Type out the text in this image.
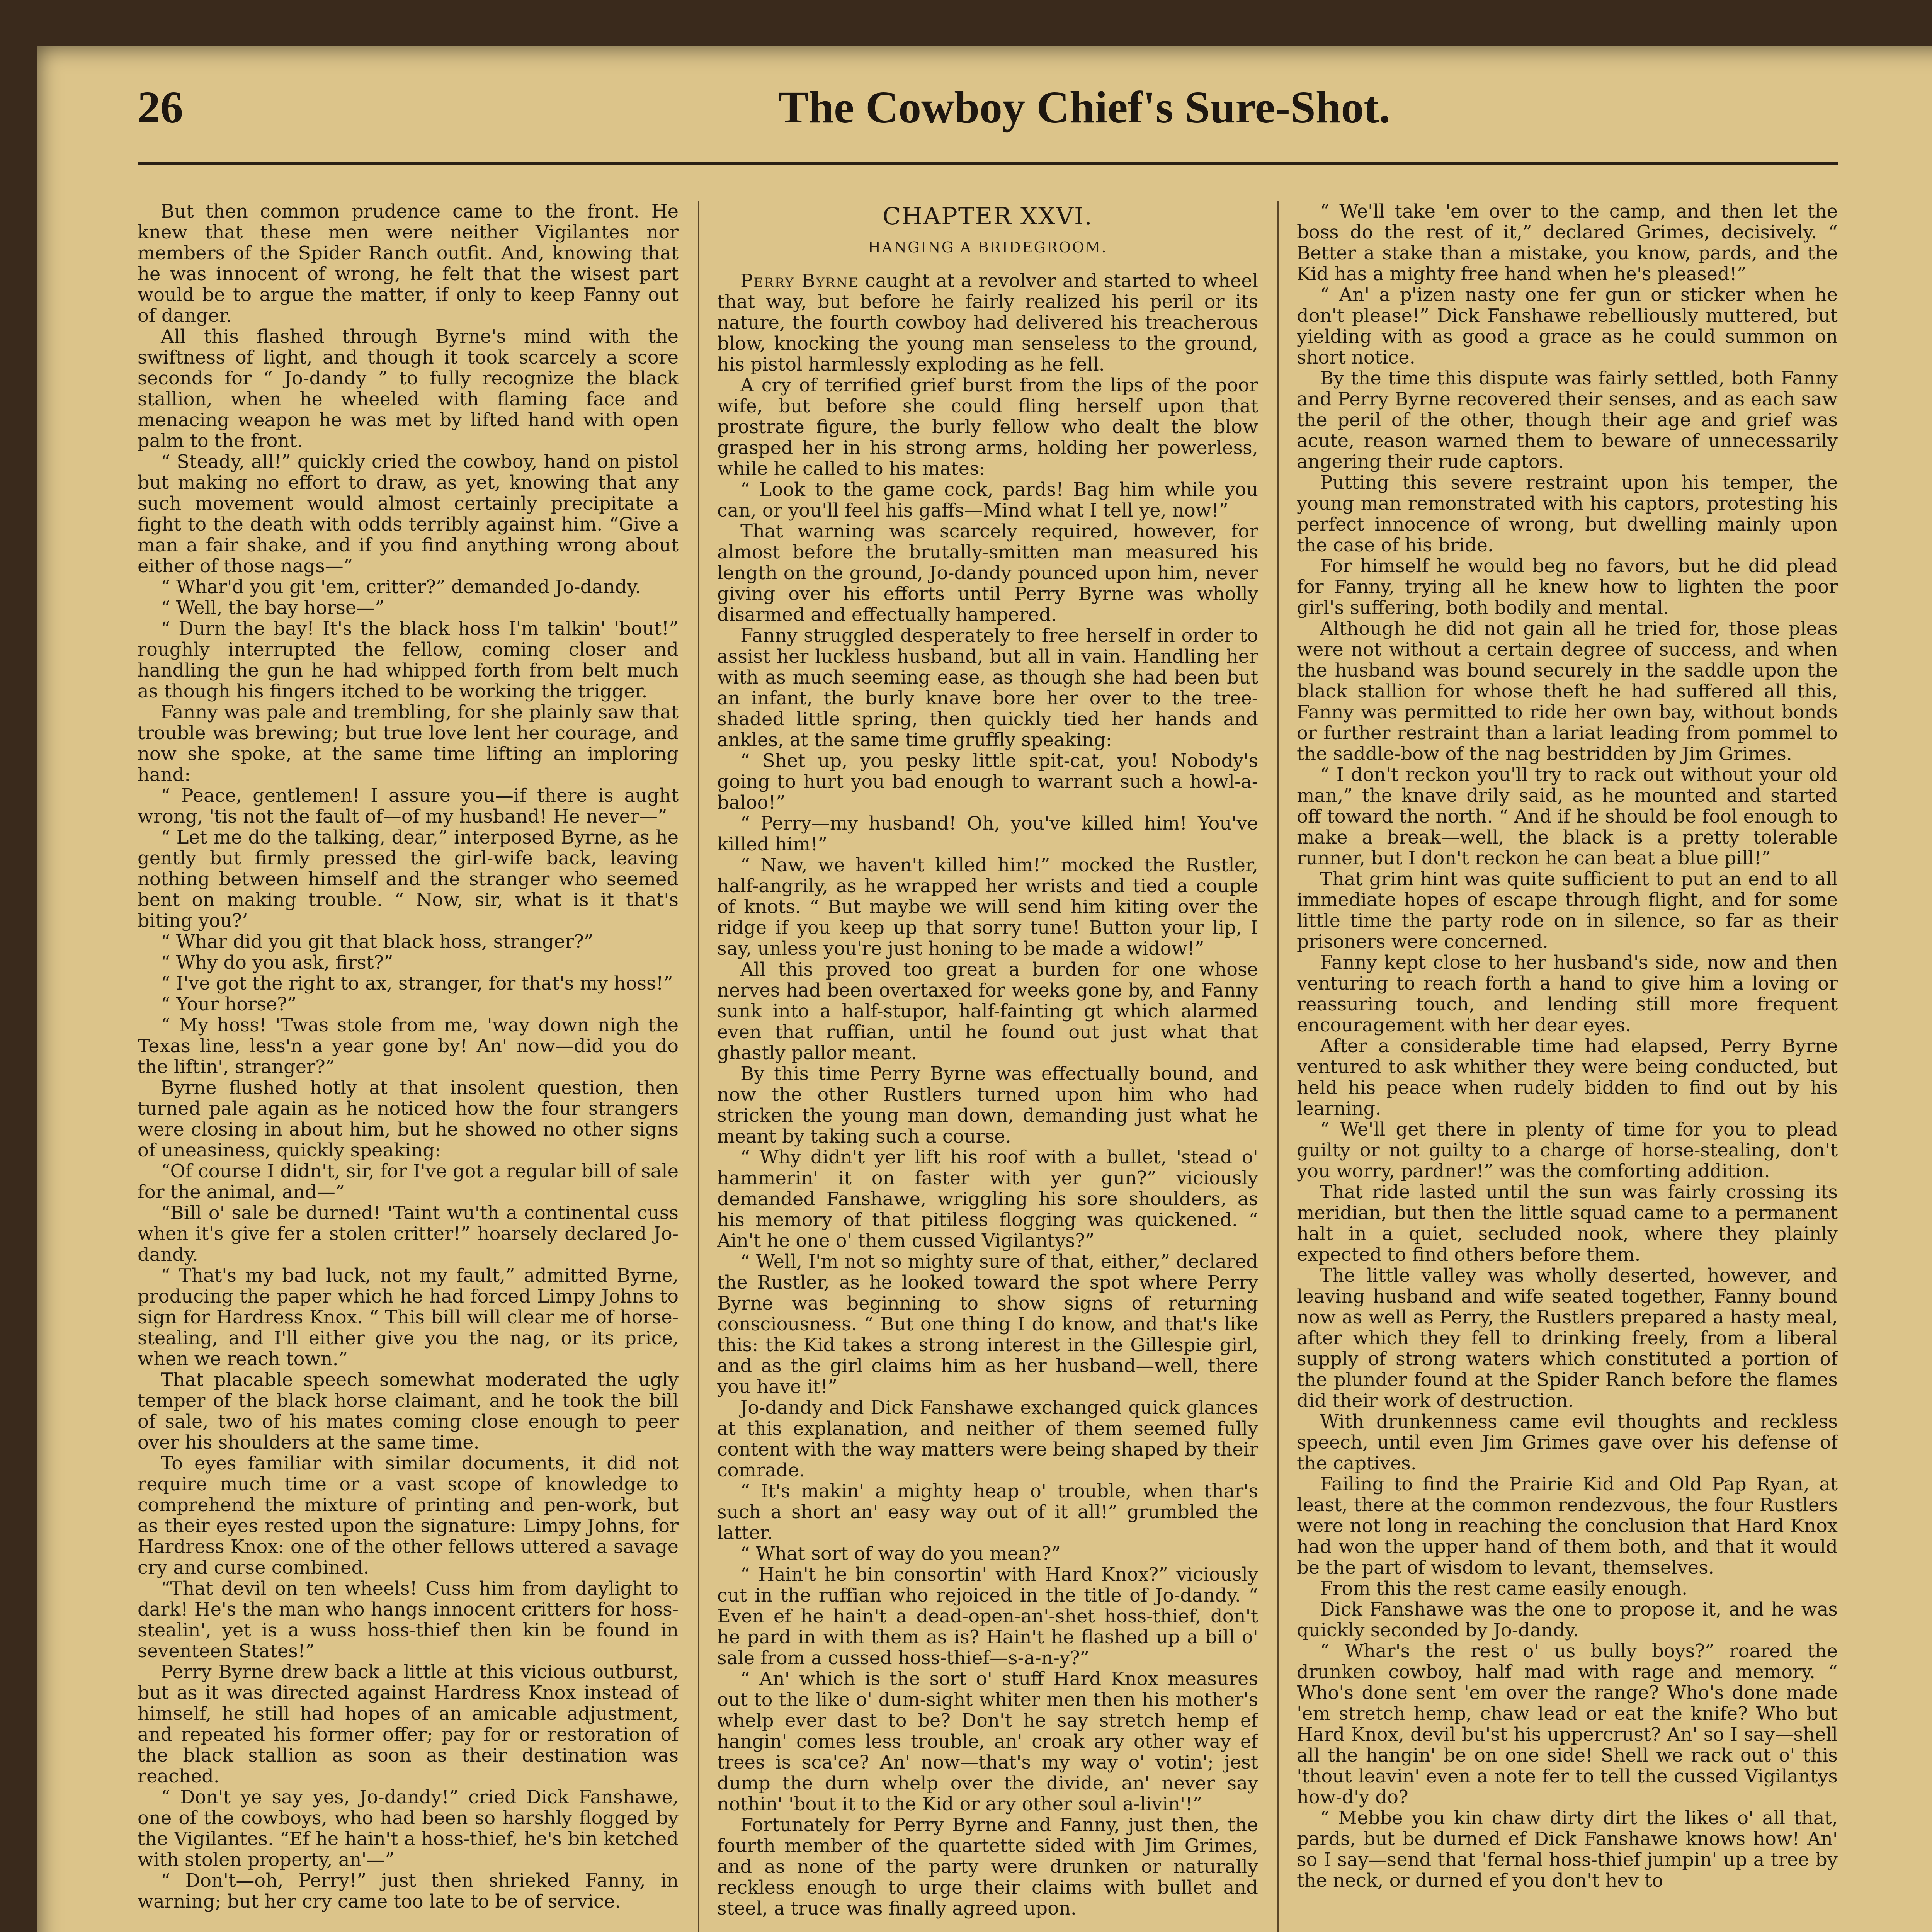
26	The Cowboy Chief's Sure-Shot.

But then common prudence came to the front. He knew that these men were neither Vigilantes nor members of the Spider Ranch outfit. And, knowing that he was innocent of wrong, he felt that the wisest part would be to argue the matter, if only to keep Fanny out of danger.

All this flashed through Byrne's mind with the swiftness of light, and though it took scarcely a score seconds for “ Jo-dandy ” to fully recognize the black stallion, when he wheeled with flaming face and menacing weapon he was met by lifted hand with open palm to the front.

“ Steady, all!” quickly cried the cowboy, hand on pistol but making no effort to draw, as yet, knowing that any such movement would almost certainly precipitate a fight to the death with odds terribly against him. “Give a man a fair shake, and if you find anything wrong about either of those nags—”

“ Whar'd you git 'em, critter?” demanded Jo-dandy.

“ Well, the bay horse—”

“ Durn the bay! It's the black hoss I'm talkin' 'bout!” roughly interrupted the fellow, coming closer and handling the gun he had whipped forth from belt much as though his fingers itched to be working the trigger.

Fanny was pale and trembling, for she plainly saw that trouble was brewing; but true love lent her courage, and now she spoke, at the same time lifting an imploring hand:

“ Peace, gentlemen! I assure you—if there is aught wrong, 'tis not the fault of—of my husband! He never—”

“ Let me do the talking, dear,” interposed Byrne, as he gently but firmly pressed the girl-wife back, leaving nothing between himself and the stranger who seemed bent on making trouble. “ Now, sir, what is it that's biting you?’

“ Whar did you git that black hoss, stranger?”

“ Why do you ask, first?”

“ I've got the right to ax, stranger, for that's my hoss!”

“ Your horse?”

“ My hoss! 'Twas stole from me, 'way down nigh the Texas line, less'n a year gone by! An' now—did you do the liftin', stranger?”

Byrne flushed hotly at that insolent question, then turned pale again as he noticed how the four strangers were closing in about him, but he showed no other signs of uneasiness, quickly speaking:

“Of course I didn't, sir, for I've got a regular bill of sale for the animal, and—”

“Bill o' sale be durned! 'Taint wu'th a continental cuss when it's give fer a stolen critter!” hoarsely declared Jo-dandy.

“ That's my bad luck, not my fault,” admitted Byrne, producing the paper which he had forced Limpy Johns to sign for Hardress Knox. “ This bill will clear me of horse-stealing, and I'll either give you the nag, or its price, when we reach town.”

That placable speech somewhat moderated the ugly temper of the black horse claimant, and he took the bill of sale, two of his mates coming close enough to peer over his shoulders at the same time.

To eyes familiar with similar documents, it did not require much time or a vast scope of knowledge to comprehend the mixture of printing and pen-work, but as their eyes rested upon the signature: Limpy Johns, for Hardress Knox: one of the other fellows uttered a savage cry and curse combined.

“That devil on ten wheels! Cuss him from daylight to dark! He's the man who hangs innocent critters for hoss-stealin', yet is a wuss hoss-thief then kin be found in seventeen States!”

Perry Byrne drew back a little at this vicious outburst, but as it was directed against Hardress Knox instead of himself, he still had hopes of an amicable adjustment, and repeated his former offer; pay for or restoration of the black stallion as soon as their destination was reached.

“ Don't ye say yes, Jo-dandy!” cried Dick Fanshawe, one of the cowboys, who had been so harshly flogged by the Vigilantes. “Ef he hain't a hoss-thief, he's bin ketched with stolen property, an'—”

“ Don't—oh, Perry!” just then shrieked Fanny, in warning; but her cry came too late to be of service.

CHAPTER XXVI.
HANGING A BRIDEGROOM.

Perry Byrne caught at a revolver and started to wheel that way, but before he fairly realized his peril or its nature, the fourth cowboy had delivered his treacherous blow, knocking the young man senseless to the ground, his pistol harmlessly exploding as he fell.

A cry of terrified grief burst from the lips of the poor wife, but before she could fling herself upon that prostrate figure, the burly fellow who dealt the blow grasped her in his strong arms, holding her powerless, while he called to his mates:

“ Look to the game cock, pards! Bag him while you can, or you'll feel his gaffs—Mind what I tell ye, now!”

That warning was scarcely required, however, for almost before the brutally-smitten man measured his length on the ground, Jo-dandy pounced upon him, never giving over his efforts until Perry Byrne was wholly disarmed and effectually hampered.

Fanny struggled desperately to free herself in order to assist her luckless husband, but all in vain. Handling her with as much seeming ease, as though she had been but an infant, the burly knave bore her over to the tree-shaded little spring, then quickly tied her hands and ankles, at the same time gruffly speaking:

“ Shet up, you pesky little spit-cat, you! Nobody's going to hurt you bad enough to warrant such a howl-a-baloo!”

“ Perry—my husband! Oh, you've killed him! You've killed him!”

“ Naw, we haven't killed him!” mocked the Rustler, half-angrily, as he wrapped her wrists and tied a couple of knots. “ But maybe we will send him kiting over the ridge if you keep up that sorry tune! Button your lip, I say, unless you're just honing to be made a widow!”

All this proved too great a burden for one whose nerves had been overtaxed for weeks gone by, and Fanny sunk into a half-stupor, half-fainting gt which alarmed even that ruffian, until he found out just what that ghastly pallor meant.

By this time Perry Byrne was effectually bound, and now the other Rustlers turned upon him who had stricken the young man down, demanding just what he meant by taking such a course.

“ Why didn't yer lift his roof with a bullet, 'stead o' hammerin' it on faster with yer gun?” viciously demanded Fanshawe, wriggling his sore shoulders, as his memory of that pitiless flogging was quickened. “ Ain't he one o' them cussed Vigilantys?”

“ Well, I'm not so mighty sure of that, either,” declared the Rustler, as he looked toward the spot where Perry Byrne was beginning to show signs of returning consciousness. “ But one thing I do know, and that's like this: the Kid takes a strong interest in the Gillespie girl, and as the girl claims him as her husband—well, there you have it!”

Jo-dandy and Dick Fanshawe exchanged quick glances at this explanation, and neither of them seemed fully content with the way matters were being shaped by their comrade.

“ It's makin' a mighty heap o' trouble, when thar's such a short an' easy way out of it all!” grumbled the latter.

“ What sort of way do you mean?”

“ Hain't he bin consortin' with Hard Knox?” viciously cut in the ruffian who rejoiced in the title of Jo-dandy. “ Even ef he hain't a dead-open-an'-shet hoss-thief, don't he pard in with them as is? Hain't he flashed up a bill o' sale from a cussed hoss-thief—s-a-n-y?”

“ An' which is the sort o' stuff Hard Knox measures out to the like o' dum-sight whiter men then his mother's whelp ever dast to be? Don't he say stretch hemp ef hangin' comes less trouble, an' croak ary other way ef trees is sca'ce? An' now—that's my way o' votin'; jest dump the durn whelp over the divide, an' never say nothin' 'bout it to the Kid or ary other soul a-livin'!”

Fortunately for Perry Byrne and Fanny, just then, the fourth member of the quartette sided with Jim Grimes, and as none of the party were drunken or naturally reckless enough to urge their claims with bullet and steel, a truce was finally agreed upon.

“ We'll take 'em over to the camp, and then let the boss do the rest of it,” declared Grimes, decisively. “ Better a stake than a mistake, you know, pards, and the Kid has a mighty free hand when he's pleased!”

“ An' a p'izen nasty one fer gun or sticker when he don't please!” Dick Fanshawe rebelliously muttered, but yielding with as good a grace as he could summon on short notice.

By the time this dispute was fairly settled, both Fanny and Perry Byrne recovered their senses, and as each saw the peril of the other, though their age and grief was acute, reason warned them to beware of unnecessarily angering their rude captors.

Putting this severe restraint upon his temper, the young man remonstrated with his captors, protesting his perfect innocence of wrong, but dwelling mainly upon the case of his bride.

For himself he would beg no favors, but he did plead for Fanny, trying all he knew how to lighten the poor girl's suffering, both bodily and mental.

Although he did not gain all he tried for, those pleas were not without a certain degree of success, and when the husband was bound securely in the saddle upon the black stallion for whose theft he had suffered all this, Fanny was permitted to ride her own bay, without bonds or further restraint than a lariat leading from pommel to the saddle-bow of the nag bestridden by Jim Grimes.

“ I don't reckon you'll try to rack out without your old man,” the knave drily said, as he mounted and started off toward the north. “ And if he should be fool enough to make a break—well, the black is a pretty tolerable runner, but I don't reckon he can beat a blue pill!”

That grim hint was quite sufficient to put an end to all immediate hopes of escape through flight, and for some little time the party rode on in silence, so far as their prisoners were concerned.

Fanny kept close to her husband's side, now and then venturing to reach forth a hand to give him a loving or reassuring touch, and lending still more frequent encouragement with her dear eyes.

After a considerable time had elapsed, Perry Byrne ventured to ask whither they were being conducted, but held his peace when rudely bidden to find out by his learning.

“ We'll get there in plenty of time for you to plead guilty or not guilty to a charge of horse-stealing, don't you worry, pardner!” was the comforting addition.

That ride lasted until the sun was fairly crossing its meridian, but then the little squad came to a permanent halt in a quiet, secluded nook, where they plainly expected to find others before them.

The little valley was wholly deserted, however, and leaving husband and wife seated together, Fanny bound now as well as Perry, the Rustlers prepared a hasty meal, after which they fell to drinking freely, from a liberal supply of strong waters which constituted a portion of the plunder found at the Spider Ranch before the flames did their work of destruction.

With drunkenness came evil thoughts and reckless speech, until even Jim Grimes gave over his defense of the captives.

Failing to find the Prairie Kid and Old Pap Ryan, at least, there at the common rendezvous, the four Rustlers were not long in reaching the conclusion that Hard Knox had won the upper hand of them both, and that it would be the part of wisdom to levant, themselves.

From this the rest came easily enough.

Dick Fanshawe was the one to propose it, and he was quickly seconded by Jo-dandy.

“ Whar's the rest o' us bully boys?” roared the drunken cowboy, half mad with rage and memory. “ Who's done sent 'em over the range? Who's done made 'em stretch hemp, chaw lead or eat the knife? Who but Hard Knox, devil bu'st his uppercrust? An' so I say—shell all the hangin' be on one side! Shell we rack out o' this 'thout leavin' even a note fer to tell the cussed Vigilantys how-d'y do?

“ Mebbe you kin chaw dirty dirt the likes o' all that, pards, but be durned ef Dick Fanshawe knows how! An' so I say—send that 'fernal hoss-thief jumpin' up a tree by the neck, or durned ef you don't hev to
